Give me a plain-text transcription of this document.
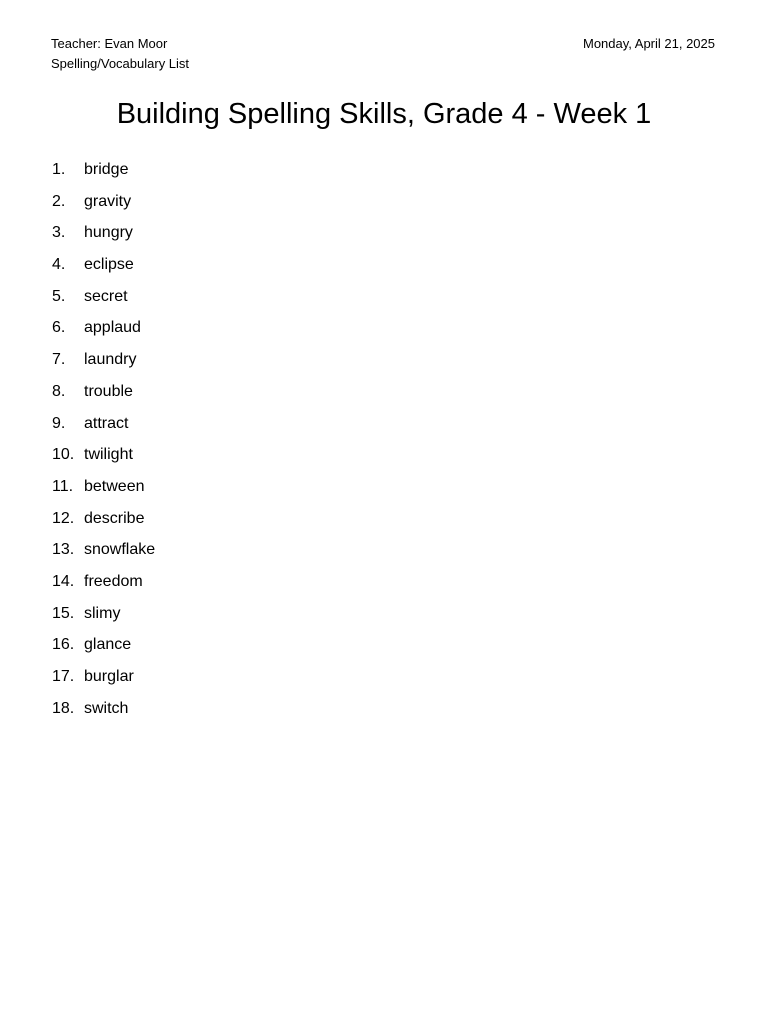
Teacher: Evan Moor
Spelling/Vocabulary List
Monday, April 21, 2025
Building Spelling Skills, Grade 4 - Week 1
1.	bridge
2.	gravity
3.	hungry
4.	eclipse
5.	secret
6.	applaud
7.	laundry
8.	trouble
9.	attract
10. twilight
11. between
12. describe
13. snowflake
14. freedom
15. slimy
16. glance
17. burglar
18. switch
